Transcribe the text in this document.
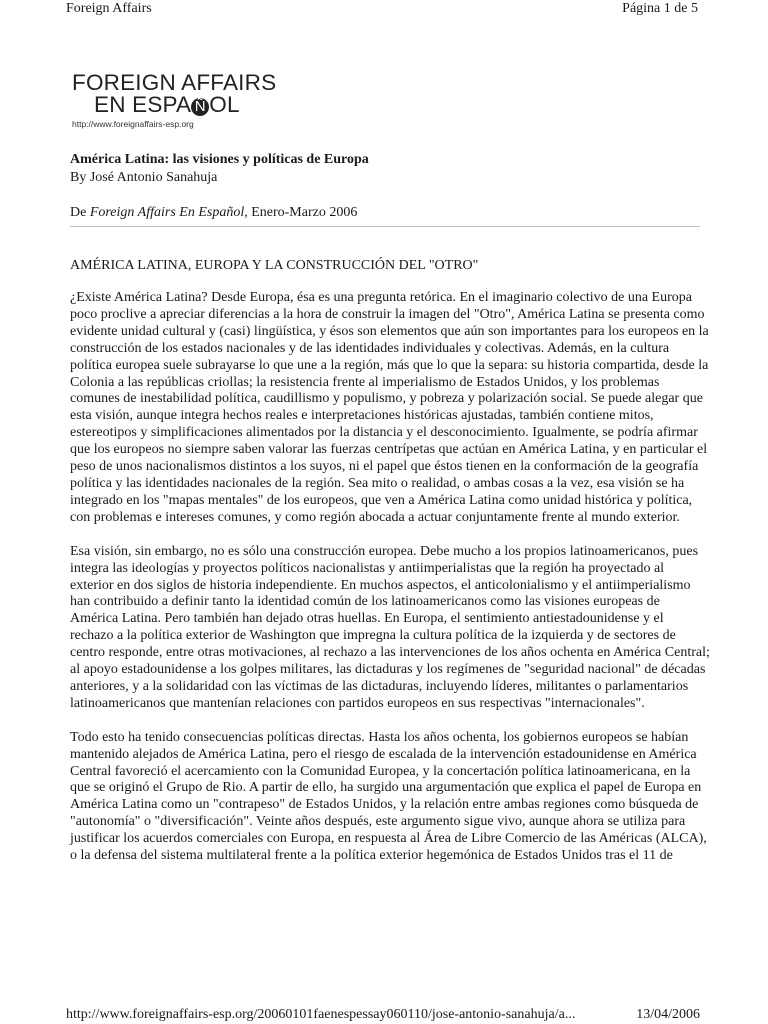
Foreign Affairs	Página 1 de 5
FOREIGN AFFAIRS
EN ESPA Ñ OL
http://www.foreignaffairs-esp.org
América Latina: las visiones y políticas de Europa
By José Antonio Sanahuja
De Foreign Affairs En Español, Enero-Marzo 2006
AMÉRICA LATINA, EUROPA Y LA CONSTRUCCIÓN DEL "OTRO"

¿Existe América Latina? Desde Europa, ésa es una pregunta retórica. En el imaginario colectivo de una Europa poco proclive a apreciar diferencias a la hora de construir la imagen del "Otro", América Latina se presenta como evidente unidad cultural y (casi) lingüística, y ésos son elementos que aún son importantes para los europeos en la construcción de los estados nacionales y de las identidades individuales y colectivas. Además, en la cultura política europea suele subrayarse lo que une a la región, más que lo que la separa: su historia compartida, desde la Colonia a las repúblicas criollas; la resistencia frente al imperialismo de Estados Unidos, y los problemas comunes de inestabilidad política, caudillismo y populismo, y pobreza y polarización social. Se puede alegar que esta visión, aunque integra hechos reales e interpretaciones históricas ajustadas, también contiene mitos, estereotipos y simplificaciones alimentados por la distancia y el desconocimiento. Igualmente, se podría afirmar que los europeos no siempre saben valorar las fuerzas centrípetas que actúan en América Latina, y en particular el peso de unos nacionalismos distintos a los suyos, ni el papel que éstos tienen en la conformación de la geografía política y las identidades nacionales de la región. Sea mito o realidad, o ambas cosas a la vez, esa visión se ha integrado en los "mapas mentales" de los europeos, que ven a América Latina como unidad histórica y política, con problemas e intereses comunes, y como región abocada a actuar conjuntamente frente al mundo exterior.

Esa visión, sin embargo, no es sólo una construcción europea. Debe mucho a los propios latinoamericanos, pues integra las ideologías y proyectos políticos nacionalistas y antiimperialistas que la región ha proyectado al exterior en dos siglos de historia independiente. En muchos aspectos, el anticolonialismo y el antiimperialismo han contribuido a definir tanto la identidad común de los latinoamericanos como las visiones europeas de América Latina. Pero también han dejado otras huellas. En Europa, el sentimiento antiestadounidense y el rechazo a la política exterior de Washington que impregna la cultura política de la izquierda y de sectores de centro responde, entre otras motivaciones, al rechazo a las intervenciones de los años ochenta en América Central; al apoyo estadounidense a los golpes militares, las dictaduras y los regímenes de "seguridad nacional" de décadas anteriores, y a la solidaridad con las víctimas de las dictaduras, incluyendo líderes, militantes o parlamentarios latinoamericanos que mantenían relaciones con partidos europeos en sus respectivas "internacionales".

Todo esto ha tenido consecuencias políticas directas. Hasta los años ochenta, los gobiernos europeos se habían mantenido alejados de América Latina, pero el riesgo de escalada de la intervención estadounidense en América Central favoreció el acercamiento con la Comunidad Europea, y la concertación política latinoamericana, en la que se originó el Grupo de Rio. A partir de ello, ha surgido una argumentación que explica el papel de Europa en América Latina como un "contrapeso" de Estados Unidos, y la relación entre ambas regiones como búsqueda de "autonomía" o "diversificación". Veinte años después, este argumento sigue vivo, aunque ahora se utiliza para justificar los acuerdos comerciales con Europa, en respuesta al Área de Libre Comercio de las Américas (ALCA), o la defensa del sistema multilateral frente a la política exterior hegemónica de Estados Unidos tras el 11 de

http://www.foreignaffairs-esp.org/20060101faenespessay060110/jose-antonio-sanahuja/a...	13/04/2006
